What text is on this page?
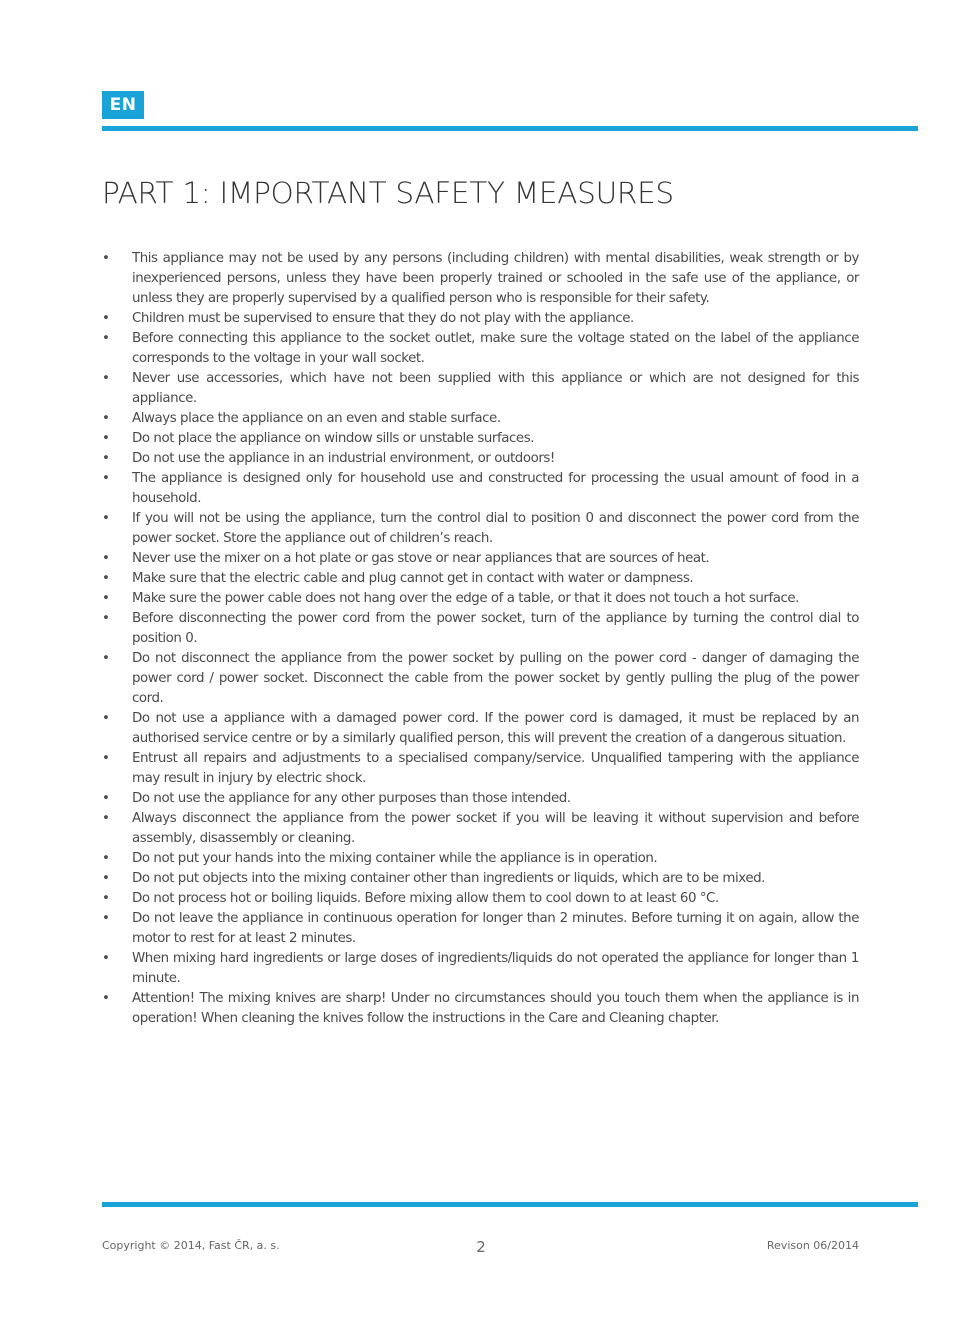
EN
PART 1: IMPORTANT SAFETY MEASURES
• This appliance may not be used by any persons (including children) with mental disabilities, weak strength or by inexperienced persons, unless they have been properly trained or schooled in the safe use of the appliance, or unless they are properly supervised by a qualified person who is responsible for their safety.
• Children must be supervised to ensure that they do not play with the appliance.
• Before connecting this appliance to the socket outlet, make sure the voltage stated on the label of the appliance corresponds to the voltage in your wall socket.
• Never use accessories, which have not been supplied with this appliance or which are not designed for this appliance.
• Always place the appliance on an even and stable surface.
• Do not place the appliance on window sills or unstable surfaces.
• Do not use the appliance in an industrial environment, or outdoors!
• The appliance is designed only for household use and constructed for processing the usual amount of food in a household.
• If you will not be using the appliance, turn the control dial to position 0 and disconnect the power cord from the power socket. Store the appliance out of children’s reach.
• Never use the mixer on a hot plate or gas stove or near appliances that are sources of heat.
• Make sure that the electric cable and plug cannot get in contact with water or dampness.
• Make sure the power cable does not hang over the edge of a table, or that it does not touch a hot surface.
• Before disconnecting the power cord from the power socket, turn of the appliance by turning the control dial to position 0.
• Do not disconnect the appliance from the power socket by pulling on the power cord - danger of damaging the power cord / power socket. Disconnect the cable from the power socket by gently pulling the plug of the power cord.
• Do not use a appliance with a damaged power cord. If the power cord is damaged, it must be replaced by an authorised service centre or by a similarly qualified person, this will prevent the creation of a dangerous situation.
• Entrust all repairs and adjustments to a specialised company/service. Unqualified tampering with the appliance may result in injury by electric shock.
• Do not use the appliance for any other purposes than those intended.
• Always disconnect the appliance from the power socket if you will be leaving it without supervision and before assembly, disassembly or cleaning.
• Do not put your hands into the mixing container while the appliance is in operation.
• Do not put objects into the mixing container other than ingredients or liquids, which are to be mixed.
• Do not process hot or boiling liquids. Before mixing allow them to cool down to at least 60 °C.
• Do not leave the appliance in continuous operation for longer than 2 minutes. Before turning it on again, allow the motor to rest for at least 2 minutes.
• When mixing hard ingredients or large doses of ingredients/liquids do not operated the appliance for longer than 1 minute.
• Attention! The mixing knives are sharp! Under no circumstances should you touch them when the appliance is in operation! When cleaning the knives follow the instructions in the Care and Cleaning chapter.
Copyright © 2014, Fast ČR, a. s.	2	Revison 06/2014
